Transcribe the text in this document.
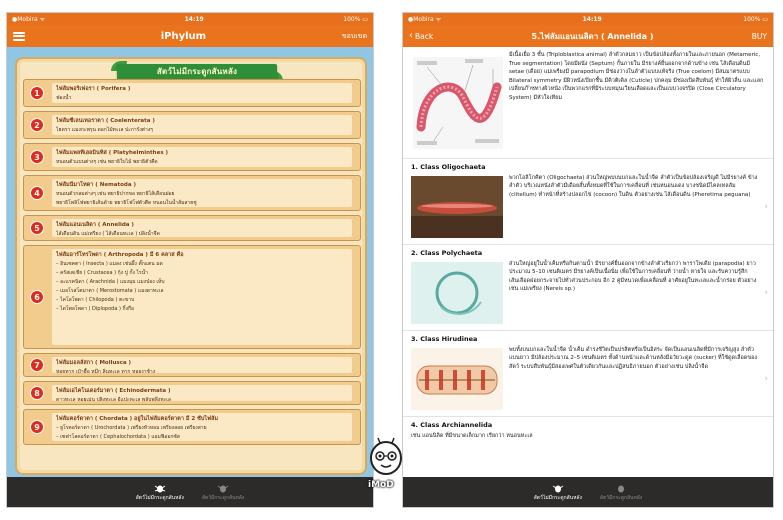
●Mobira ᯤ	14:19	100% ▭
iPhylum	ขอบเขต
สัตว์ไม่มีกระดูกสันหลัง
1	ไฟลัมพอริเฟอรา ( Porifera )
ฟองน้ำ
2	ไฟลัมซีเลนเทอราตา ( Coelenterata )
ไฮดรา แมงกะพรุน ดอกไม้ทะเล ปะการังต่างๆ
3	ไฟลัมแพลทีเฮลมินทิส ( Platyhelminthes )
หนอนตัวแบนต่างๆ เช่น พยาธิใบไม้ พยาธิตัวตืด
4
ไฟลัมนีมาโทดา ( Nematoda )
หนอนตัวกลมต่างๆ เช่น พยาธิปากขอ พยาธิไส้เดือนฝอย
พยาธิโพลิโฟพยาธิเส้นด้าย พยาธิโฟโฟตัวตืด หนอนในน้ำส้มสายชู
5	ไฟลัมแอนเนลิดา ( Annelida )
ไส้เดือนดิน แม่เพรียง ( ไส้เดือนทะเล ) ปลิงน้ำจืด
6
ไฟลัมอาร์โทรโพดา ( Arthropoda ) มี 6 คลาส คือ
– อินเซคตา ( Insecta ) แมลง เช่นผึ้ง ตั๊กแตน มด
– ครัสเตเชีย ( Crustacea ) กุ้ง ปู กั้ง ไรน้ำ
– อะแรคนิดา ( Arachnida ) แมงมุม แมงป่อง เห็บ
– เมอโรสโตมาตา ( Merostomata ) แมงดาทะเล
– ไคโลโพดา ( Chilopoda ) ตะขาบ
– ไดโพลโพดา ( Diplopoda ) กิ้งกือ
7	ไฟลัมมอลลัสกา ( Mollusca )
หอยทาก เป๋าฮื้อ หมึก ลิ่นทะเล ทาก หอยงาช้าง
8	ไฟลัมเอไคโนเดอร์มาตา ( Echinodermata )
ดาวทะเล หอยเม่น ปลิงทะเล อีแปะทะเล พลับพลึงทะเล
9
ไฟลัมคอร์ดาตา ( Chordata ) อยู่ในไฟลัมคอร์ดาตา มี 2 ซับไฟลัม
– ยูโรคอร์ดาตา ( Urochordata ) เพรียงหัวหอม เพรียงลอย เพรียงสาย
– เซฟาโลคอร์ดาตา ( Cephalochordata ) แอมฟิออกซัส
สัตว์ไม่มีกระดูกสันหลัง	สัตว์มีกระดูกสันหลัง
●Mobira ᯤ	14:19	100% ▭
‹ Back	5.ไฟลัมแอนเนลิดา ( Annelida )	BUY
มีเนื้อเยื่อ 3 ชั้น (Triploblastica animal) ลำตัวกลมยาว เป็นข้อปล้องทั้งภายในและภายนอก (Metameric, True segmentation) โดยมีผนัง (Septum) กั้นภายใน มีรยางค์ยื่นออกจากด้านข้าง เช่น ไส้เดือนดินมี setae (เดือย) แม่เพรียงมี parapodium มีช่องว่างในลำตัวแบบแท้จริง (True coelom) มีสมมาตรแบบ Bilateral symmetry มีผิวหนังเปียกชื้น มีคิวติเคิล (Cuticle) ปกคลุม มีช่องเปิดสืบพันธุ์ ทำให้ผิวลื่น และแลกเปลี่ยนก๊าซทางผิวหนัง เป็นพวกแรกที่มีระบบหมุนเวียนเลือดและเป็นแบบวงจรปิด (Close Circulatory System) มีหัวใจเทียม
1. Class Oligochaeta
พวกโอลิโกคีตา (Oligochaeta) ส่วนใหญ่พบบนบกและในน้ำจืด ลำตัวเป็นข้อปล้องเจริญดี ไม่มีรยางค์ ข้างลำตัว บริเวณหนังลำตัวมีเดือยสั้นทั้งหมดที่ใช้ในการเคลื่อนที่ เช่นหนอนแดง บางชนิดมีไคลเทลลัม (clitellum) ทำหน้าที่สร้างปลอกไข่ (cocoon) ในดิน ตัวอย่างเช่น ไส้เดือนดิน (Pheretima peguana)
›
2. Class Polychaeta
ส่วนใหญ่อยู่ในน้ำเค็มหรือกินตามน้ำ มีรยางค์ยื่นออกจากข้างลำตัวเรียกว่า พาราโพเดีย (parapodia) ยาวประมาณ 5–10 เซนติเมตร มีรยางค์เป็นเนื้อนิ่ม เพื่อใช้ในการเคลื่อนที่ ว่ายน้ำ หายใจ และรับความรู้สึก เส้นเลือดฝอยกระจายไปทั่วส่วนประกอบ อีก 2 คู่มีหนวดเพื่อเคลื่อนที่ อาศัยอยู่ในทะเลและน้ำกร่อย ตัวอย่างเช่น แม่เพรียง (Nereis sp.)	›
3. Class Hirudinea
พบทั้งบนบกและในน้ำจืด น้ำเค็ม ดำรงชีวิตเป็นปรสิตหรือเป็นอิสระ จัดเป็นแอนเนลิดที่มีการเจริญสูง ลำตัวแบนยาว มีปล้องประมาณ 2–5 เซนติเมตร ทั้งด้านหน้าและด้านหลังมีอวัยวะดูด (sucker) ที่ใช้ดูดเลือดของสัตว์ ระบบสืบพันธุ์มีสองเพศในตัวเดียวกันและปฏิสนธิภายนอก ตัวอย่างเช่น ปลิงน้ำจืด
›
4. Class Archiannelida
เช่น แอนนิลิด ที่มีขนาดเล็กมาก เรียกว่า หนอนทะเล
สัตว์ไม่มีกระดูกสันหลัง	สัตว์มีกระดูกสันหลัง
iMoD
